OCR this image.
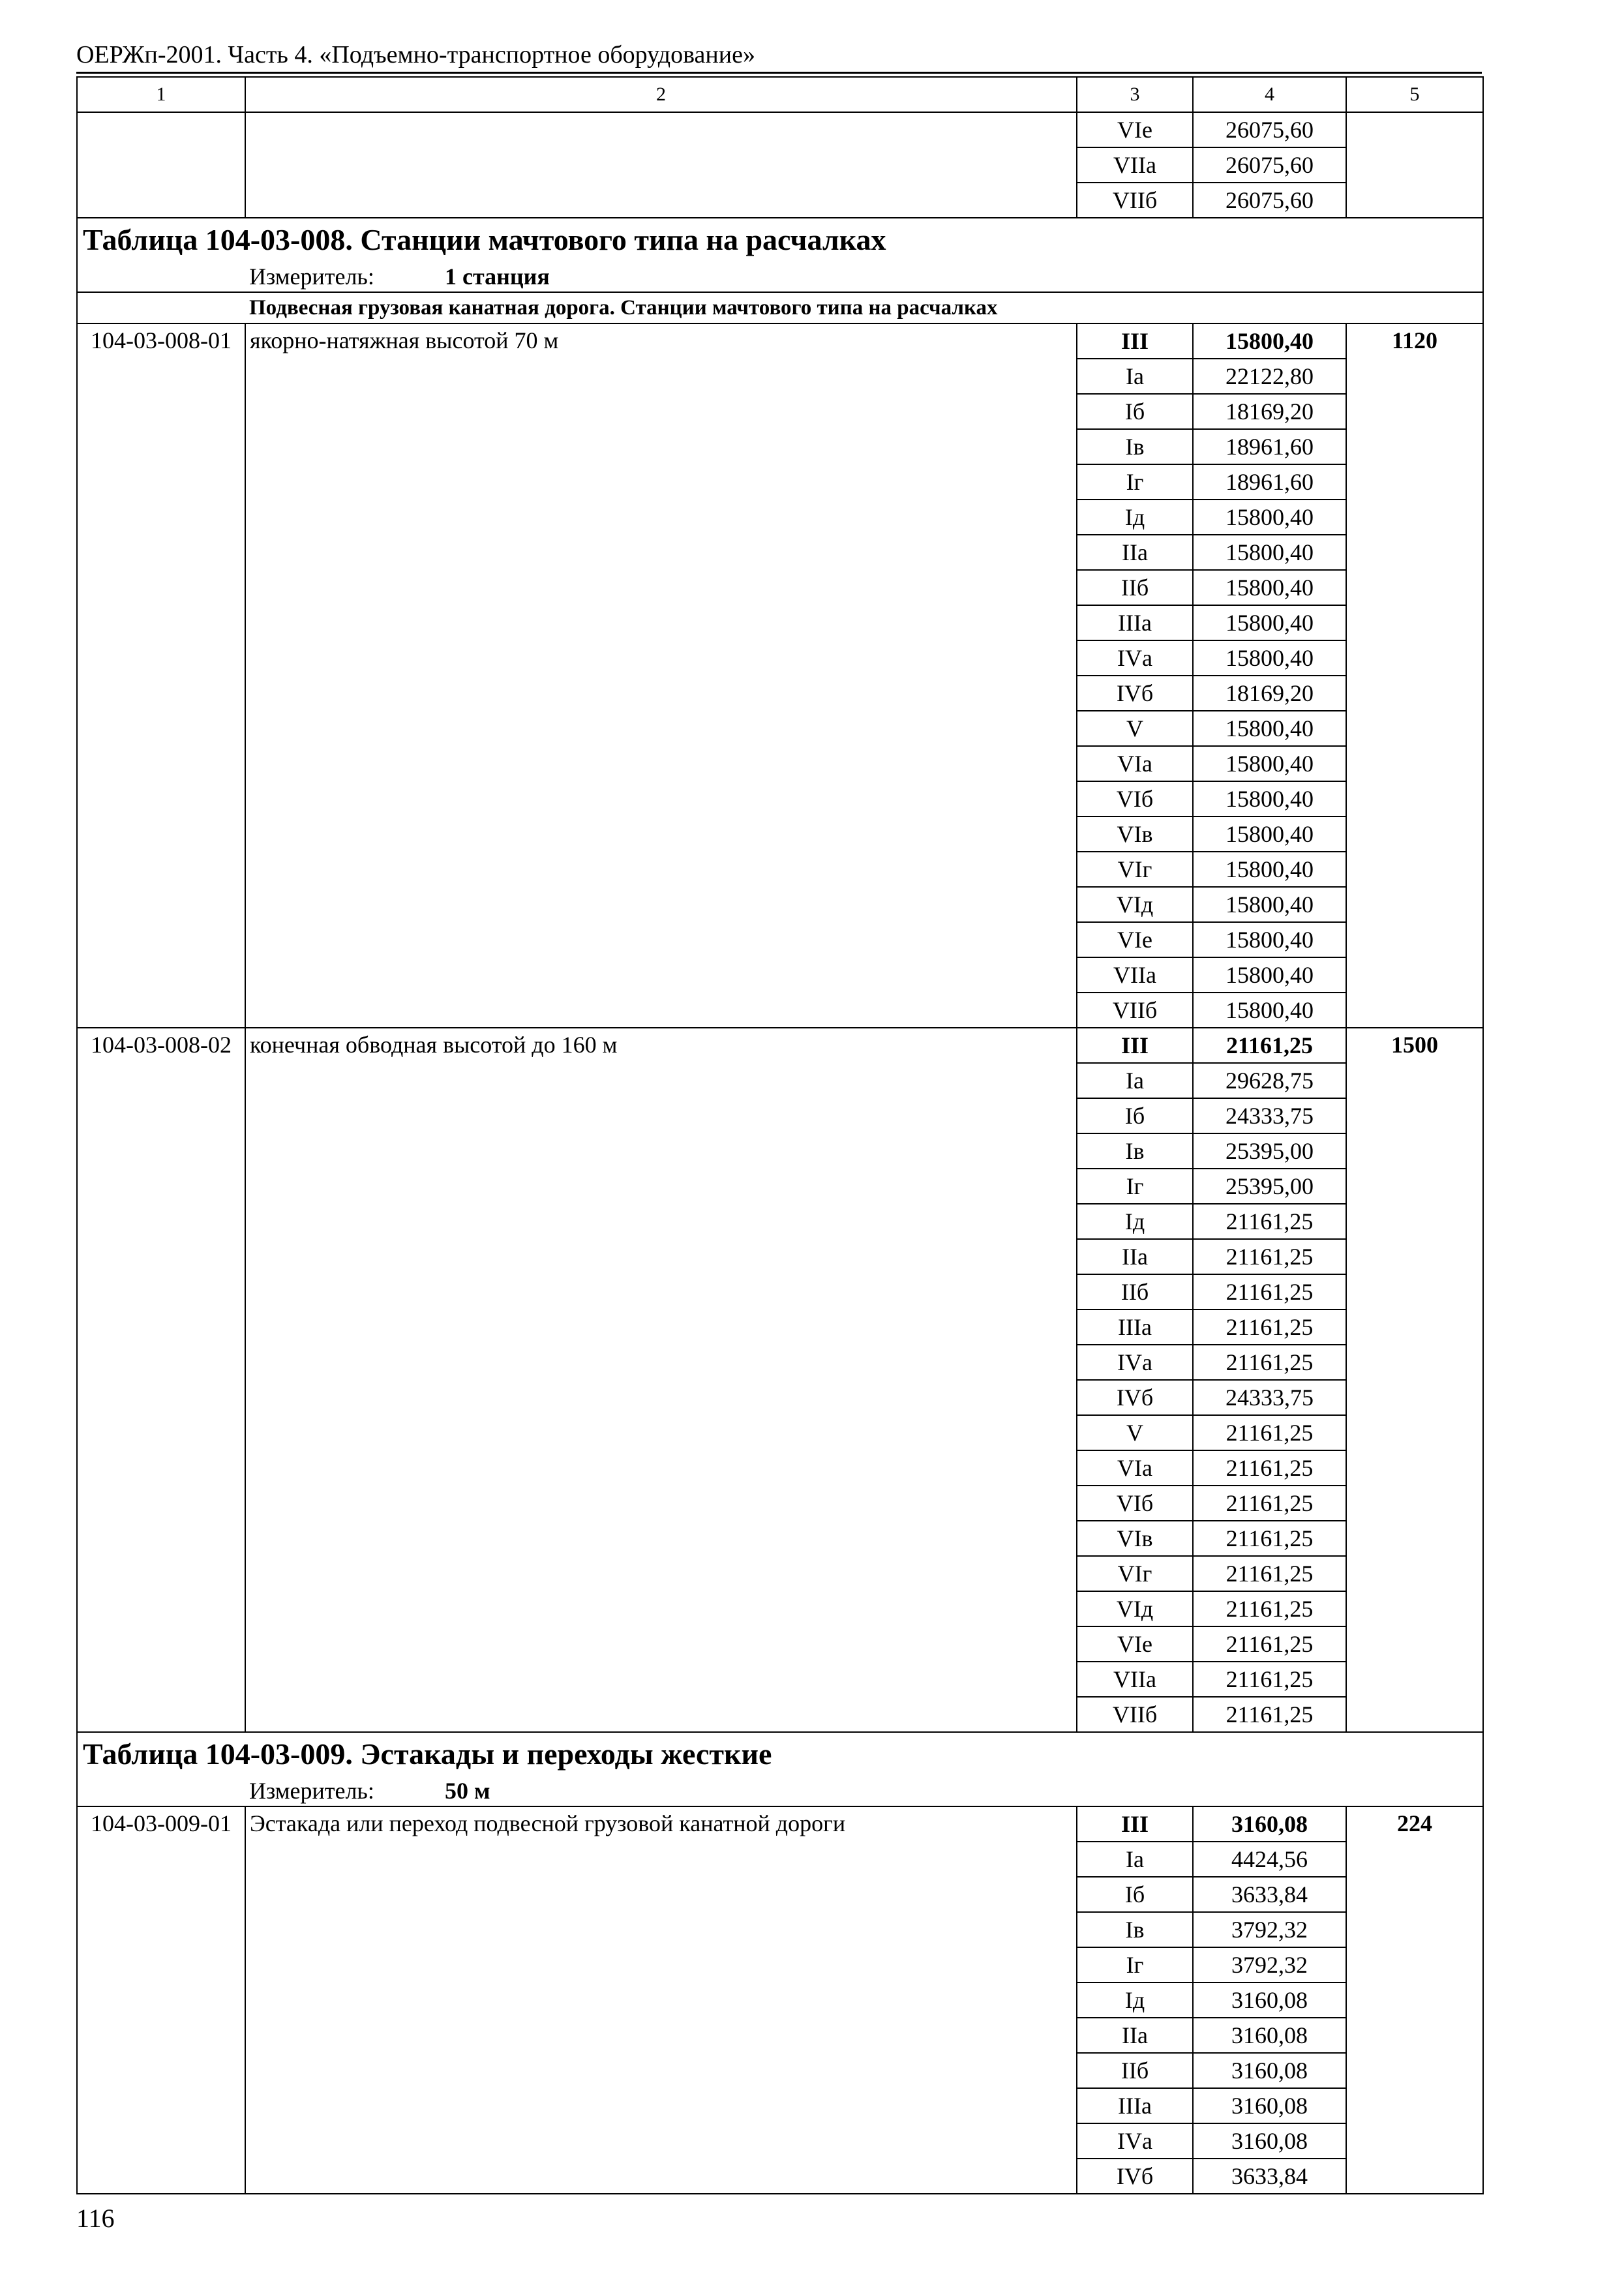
ОЕРЖп-2001. Часть 4. «Подъемно-транспортное оборудование»
1	2	3	4	5
		VIе	26075,60	
		VIIа	26075,60	
		VIIб	26075,60	
Таблица 104-03-008. Станции мачтового типа на расчалках				
	Измеритель: 1 станция			
	Подвесная грузовая канатная дорога. Станции мачтового типа на расчалках			
104-03-008-01	якорно-натяжная высотой 70 м	III	15800,40	1120
		Iа	22122,80	
		Iб	18169,20	
		Iв	18961,60	
		Iг	18961,60	
		Iд	15800,40	
		IIа	15800,40	
		IIб	15800,40	
		IIIа	15800,40	
		IVа	15800,40	
		IVб	18169,20	
		V	15800,40	
		VIа	15800,40	
		VIб	15800,40	
		VIв	15800,40	
		VIг	15800,40	
		VIд	15800,40	
		VIе	15800,40	
		VIIа	15800,40	
		VIIб	15800,40	
104-03-008-02	конечная обводная высотой до 160 м	III	21161,25	1500
		Iа	29628,75	
		Iб	24333,75	
		Iв	25395,00	
		Iг	25395,00	
		Iд	21161,25	
		IIа	21161,25	
		IIб	21161,25	
		IIIа	21161,25	
		IVа	21161,25	
		IVб	24333,75	
		V	21161,25	
		VIа	21161,25	
		VIб	21161,25	
		VIв	21161,25	
		VIг	21161,25	
		VIд	21161,25	
		VIе	21161,25	
		VIIа	21161,25	
		VIIб	21161,25	
Таблица 104-03-009. Эстакады и переходы жесткие				
	Измеритель: 50 м			
104-03-009-01	Эстакада или переход подвесной грузовой канатной дороги	III	3160,08	224
		Iа	4424,56	
		Iб	3633,84	
		Iв	3792,32	
		Iг	3792,32	
		Iд	3160,08	
		IIа	3160,08	
		IIб	3160,08	
		IIIа	3160,08	
		IVа	3160,08	
		IVб	3633,84	
116
